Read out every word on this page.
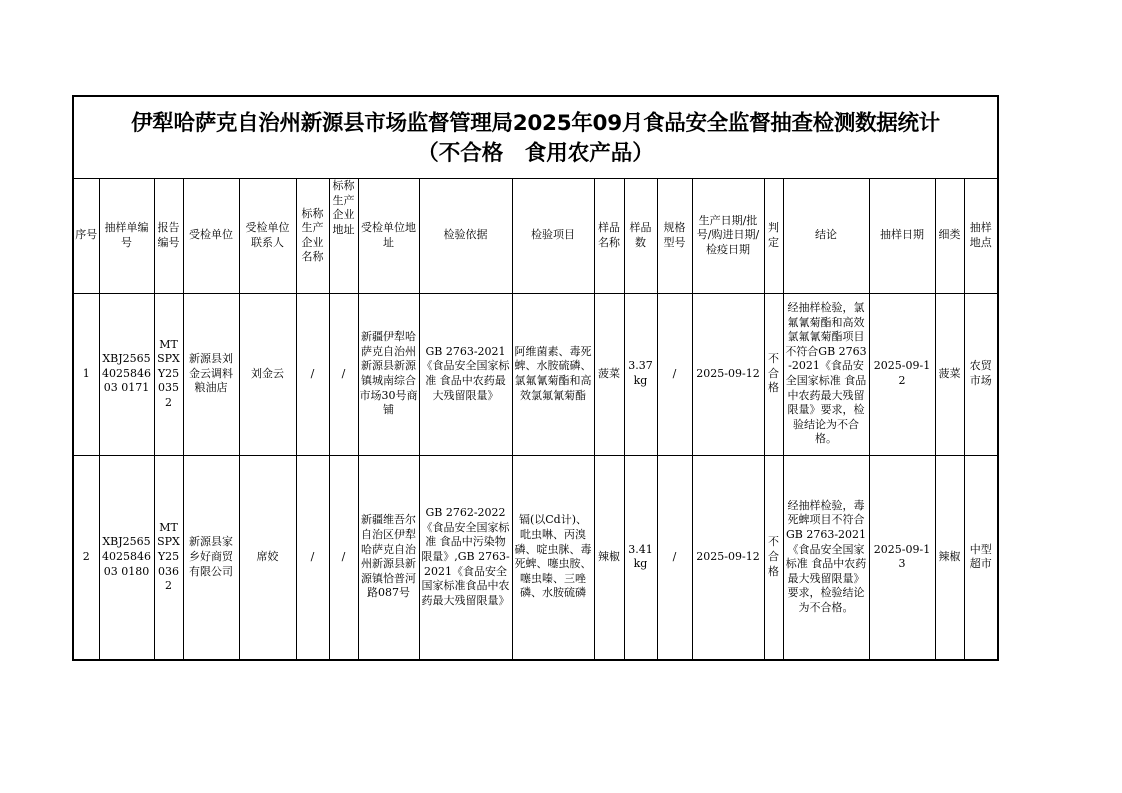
伊犁哈萨克自治州新源县市场监督管理局2025年09月食品安全监督抽查检测数据统计
（不合格　食用农产品）
序号	抽样单编号	报告编号	受检单位	受检单位联系人	标称生产企业名称	标称生产企业地址	受检单位地址	检验依据	检验项目	样品名称	样品数	规格型号	生产日期/批号/购进日期/检疫日期	判定	结论	抽样日期	细类	抽样地点
1	XBJ2565402584603 0171	MTSPXY250352	新源县刘金云调料粮油店	刘金云	/	/	新疆伊犁哈萨克自治州新源县新源镇城南综合市场30号商铺	GB 2763-2021《食品安全国家标准 食品中农药最大残留限量》	阿维菌素、毒死蜱、水胺硫磷、氯氟氰菊酯和高效氯氟氰菊酯	菠菜	3.37 kg	/	2025-09-12	不合格	经抽样检验，氯氟氰菊酯和高效氯氟氰菊酯项目不符合GB 2763-2021《食品安全国家标准 食品中农药最大残留限量》要求，检验结论为不合格。	2025-09-12	菠菜	农贸市场
2	XBJ2565402584603 0180	MTSPXY250362	新源县家乡好商贸有限公司	席姣	/	/	新疆维吾尔自治区伊犁哈萨克自治州新源县新源镇恰普河路087号	GB 2762-2022《食品安全国家标准 食品中污染物限量》,GB 2763-2021《食品安全国家标准食品中农药最大残留限量》	镉(以Cd计)、吡虫啉、丙溴磷、啶虫脒、毒死蜱、噻虫胺、噻虫嗪、三唑磷、水胺硫磷	辣椒	3.41 kg	/	2025-09-12	不合格	经抽样检验，毒死蜱项目不符合GB 2763-2021《食品安全国家标准 食品中农药最大残留限量》要求，检验结论为不合格。	2025-09-13	辣椒	中型超市
